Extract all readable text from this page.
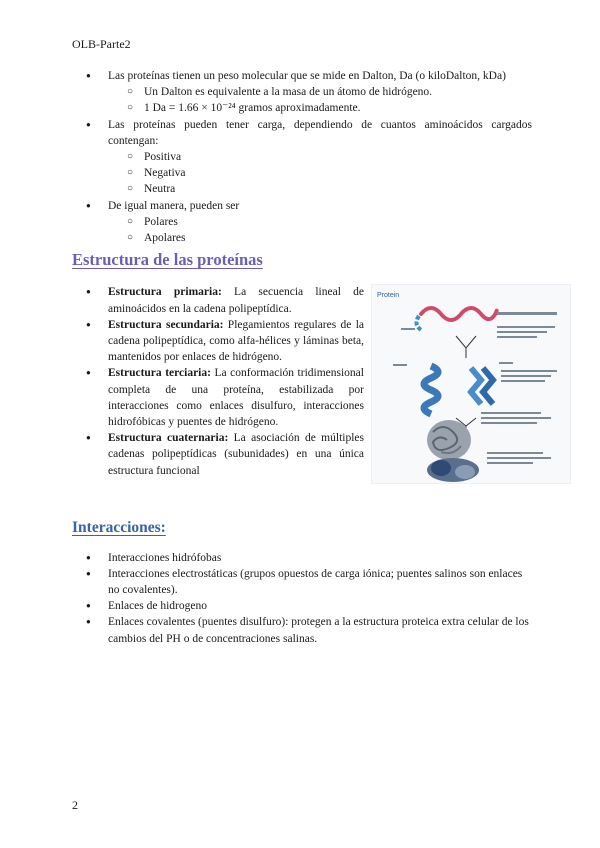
OLB-Parte2
● Las proteínas tienen un peso molecular que se mide en Dalton, Da (o kiloDalton, kDa)
○ Un Dalton es equivalente a la masa de un átomo de hidrógeno.
○ 1 Da = 1.66 × 10⁻²⁴ gramos aproximadamente.
● Las proteínas pueden tener carga, dependiendo de cuantos aminoácidos cargados contengan:
○ Positiva
○ Negativa
○ Neutra
● De igual manera, pueden ser
○ Polares
○ Apolares
Estructura de las proteínas
● Estructura primaria: La secuencia lineal de aminoácidos en la cadena polipeptídica.
● Estructura secundaria: Plegamientos regulares de la cadena polipeptídica, como alfa-hélices y láminas beta, mantenidos por enlaces de hidrógeno.
● Estructura terciaria: La conformación tridimensional completa de una proteína, estabilizada por interacciones como enlaces disulfuro, interacciones hidrofóbicas y puentes de hidrógeno.
● Estructura cuaternaria: La asociación de múltiples cadenas polipeptídicas (subunidades) en una única estructura funcional
Protein
Interacciones:
● Interacciones hidrófobas
● Interacciones electrostáticas (grupos opuestos de carga iónica; puentes salinos son enlaces no covalentes).
● Enlaces de hidrogeno
● Enlaces covalentes (puentes disulfuro): protegen a la estructura proteica extra celular de los cambios del PH o de concentraciones salinas.
2
